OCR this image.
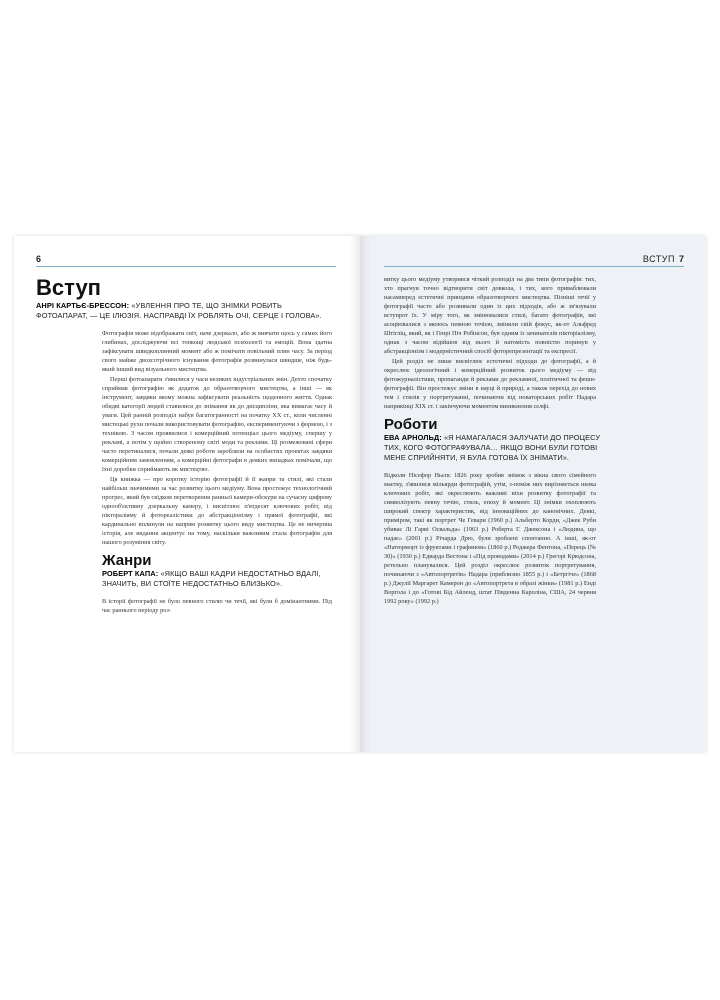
6
Вступ
АНРІ КАРТЬЄ-БРЕССОН: «УВЛЕННЯ ПРО ТЕ, ЩО ЗНІМКИ РОБИТЬ ФОТОАПАРАТ, — ЦЕ ІЛЮЗІЯ. НАСПРАВДІ ЇХ РОБЛЯТЬ ОЧІ, СЕРЦЕ І ГОЛОВА».

Фотографія може відображати світ, наче дзеркало, або ж вивчати щось у самих його глибинах, досліджуючи всі тонкощі людської психології та емоцій. Вона здатна зафіксувати швидкоплинний момент або ж помічати повільний плин часу. За період свого майже двохсотрічного існування фотографія розвинулася швидше, ніж будь-який інший вид візуального мистецтва.

Перші фотоапарати з'явилися у часи великих індустріальних змін. Дехто спочатку сприймав фотографію як додаток до образотворчого мистецтва, а інші — як інструмент, завдяки якому можна зафіксувати реальність щоденного життя. Однак обидві категорії людей ставилися до знімання як до дисципліни, яка вимагає часу й уваги. Цей ранній розподіл набув багатогранності на початку XX ст., коли численні мистецькі рухи почали використовувати фотографію, експериментуючи з формою, і з технікою. З часом проявилися і комерційний потенціал цього медіуму, спершу у рекламі, а потім у щойно створеному світі моди та реклами. Ці розмежовані сфери часто перетиналися, почали деякі роботи заробляли на особистих проектах завдяки комерційним замовленням, а комерційні фотографи в деяких випадках помічали, що їхні доробки сприймають як мистецтво.

Ця книжка — про коротку історію фотографії й її жанри та стилі, які стали найбільш значимими за час розвитку цього медіуму. Вона простежує технологічний прогрес, який був свідком перетворення ранньої камери-обскури на сучасну цифрову однооб'єктивну дзеркальну камеру, і висвітлює п'ятдесят ключових робіт, від піктораліяму й фотореалістики до абстракціонізму і прямої фотографії, які кардинально вплинули на напрям розвитку цього виду мистецтва. Це не вичерпна історія, але видання акцентує на тому, наскільки важливим стала фотографія для нашого розуміння світу.

Жанри
РОБЕРТ КАПА: «ЯКЩО ВАШІ КАДРИ НЕДОСТАТНЬО ВДАЛІ, ЗНАЧИТЬ, ВИ СТОЇТЕ НЕДОСТАТНЬО БЛИЗЬКО».

В історії фотографії не було певного стилю чи течії, які були б домінантними. Під час раннього періоду роз-

ВСТУП 7

витку цього медіуму утворився чіткий розподіл на два типи фотографів: тих, хто прагнув точно відтворити світ довкола, і тих, кого приваблювали насамперед естетичні принципи образотворчого мистецтва. Пізніші течії у фотографії часто або розвивали один із цих підходів, або ж зв'язували вступрот їх. У міру того, як змінювалися стилі, багато фотографів, які асоціювалися з якоюсь певною течією, змінили свій фокус, як-от Альфред Штігліц, який, як і Генрі Піч Робінсон, був одним із зачинателів пікторіалізму, однак з часом відійшов від нього й натомість повністю поринув у абстракціонізм і модерністичний спосіб фоторепрезентації та експресії.

Цей розділ не лише висвітлює естетичні підходи до фотографії, а й окреслює ідеологічний і комерційний розвиток цього медіуму — від фотожурналістики, пропаганди й реклами до рекламної, політичної та фешн-фотографії. Він простежує зміни в науці й природі, а також перехід до нових тем і стилів у портретуванні, починаючи від новаторських робіт Надара наприкінці XIX ст. і закінчуючи моментом виникнення селфі.

Роботи
ЕВА АРНОЛЬД: «Я НАМАГАЛАСЯ ЗАЛУЧАТИ ДО ПРОЦЕСУ ТИХ, КОГО ФОТОГРАФУВАЛА… ЯКЩО ВОНИ БУЛИ ГОТОВІ МЕНЕ СПРИЙНЯТИ, Я БУЛА ГОТОВА ЇХ ЗНІМАТИ».

Відколи Нісефор Ньєпс 1826 року зробив знімок з вікна свого сімейного маєтку, з'явилися мільярди фотографій, утім, з-поміж них вирізняється низка ключових робіт, які окреслюють важливі віхи розвитку фотографії та символізують певну течію, стиль, епоху й момент. Ці знімки охоплюють широкий спектр характеристик, від інноваційних до канонічних. Деякі, приміром, такі як портрет Че Гевари (1960 р.) Альберто Корди, «Джек Руби убиває Лі Гарві Освальда» (1963 р.) Роберта Г. Джексона і «Людина, що падає» (2001 р.) Річарда Дрю, були зроблені спонтанно. А інші, як-от «Натюрморт із фруктами і графином» (1860 р.) Роджера Фентона, «Перець (№ 30)» (1930 р.) Едварда Вестона і «Під проводами» (2014 р.) Грегорі Крюдсона, ретельно планувалися. Цей розділ окреслює розвиток портретування, починаючи з «Автопортретів» Надара (приблизно 1855 р.) і «Бетргіче» (1868 р.) Джулії Маргарет Камерон до «Автопортрета в образі жінки» (1981 р.) Енді Воргола і до «Готові Бід Айленд, штат Південна Кароліна, США, 24 червня 1992 року» (1992 р.)
